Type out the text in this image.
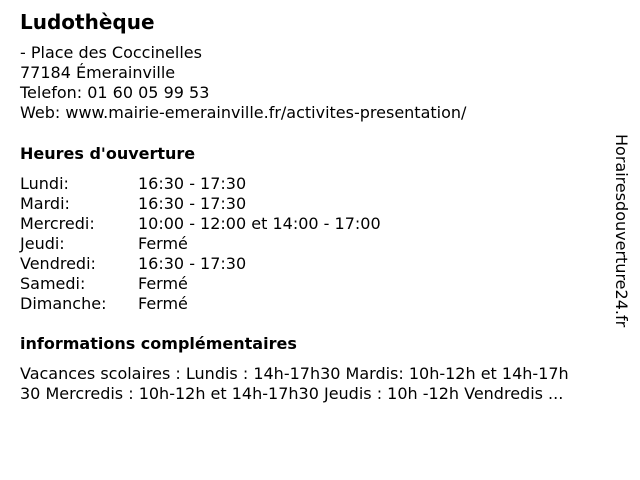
Ludothèque
- Place des Coccinelles
77184 Émerainville
Telefon: 01 60 05 99 53
Web: www.mairie-emerainville.fr/activites-presentation/
Heures d'ouverture
Lundi:	16:30 - 17:30
Mardi:	16:30 - 17:30
Mercredi:	10:00 - 12:00 et 14:00 - 17:00
Jeudi:	Fermé
Vendredi:	16:30 - 17:30
Samedi:	Fermé
Dimanche: Fermé
informations complémentaires
Vacances scolaires : Lundis : 14h-17h30 Mardis: 10h-12h et 14h-17h
30 Mercredis : 10h-12h et 14h-17h30 Jeudis : 10h -12h Vendredis ...
Horairesdouverture24.fr
